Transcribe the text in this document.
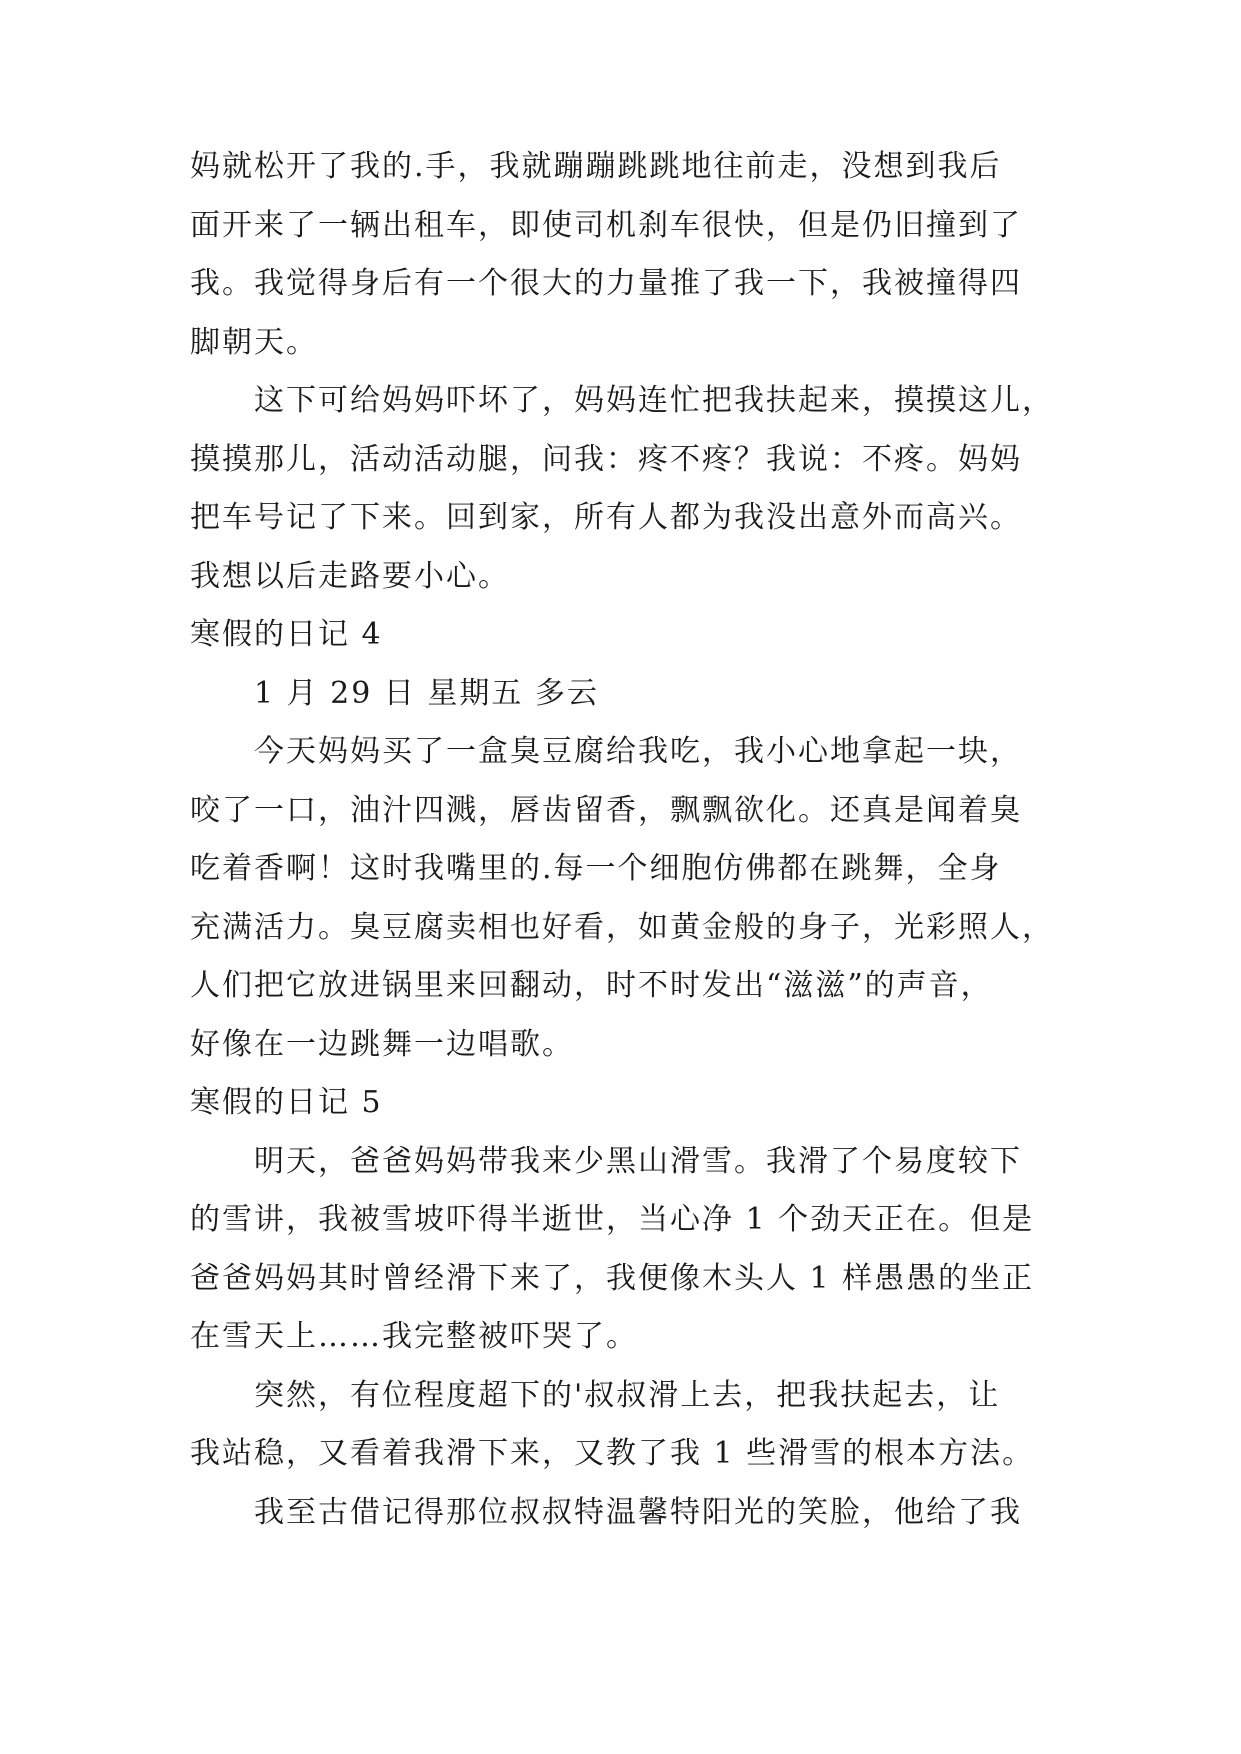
妈就松开了我的.手，我就蹦蹦跳跳地往前走，没想到我后
面开来了一辆出租车，即使司机刹车很快，但是仍旧撞到了
我。我觉得身后有一个很大的力量推了我一下，我被撞得四
脚朝天。
这下可给妈妈吓坏了，妈妈连忙把我扶起来，摸摸这儿，
摸摸那儿，活动活动腿，问我：疼不疼？我说：不疼。妈妈
把车号记了下来。回到家，所有人都为我没出意外而高兴。
我想以后走路要小心。
寒假的日记 4
1 月 29 日 星期五 多云
今天妈妈买了一盒臭豆腐给我吃，我小心地拿起一块，
咬了一口，油汁四溅，唇齿留香，飘飘欲化。还真是闻着臭
吃着香啊！这时我嘴里的.每一个细胞仿佛都在跳舞，全身
充满活力。臭豆腐卖相也好看，如黄金般的身子，光彩照人，
人们把它放进锅里来回翻动，时不时发出“滋滋”的声音，
好像在一边跳舞一边唱歌。
寒假的日记 5
明天，爸爸妈妈带我来少黑山滑雪。我滑了个易度较下
的雪讲，我被雪坡吓得半逝世，当心净 1 个劲天正在。但是
爸爸妈妈其时曾经滑下来了，我便像木头人 1 样愚愚的坐正
在雪天上……我完整被吓哭了。
突然，有位程度超下的'叔叔滑上去，把我扶起去，让
我站稳，又看着我滑下来，又教了我 1 些滑雪的根本方法。
我至古借记得那位叔叔特温馨特阳光的笑脸，他给了我
